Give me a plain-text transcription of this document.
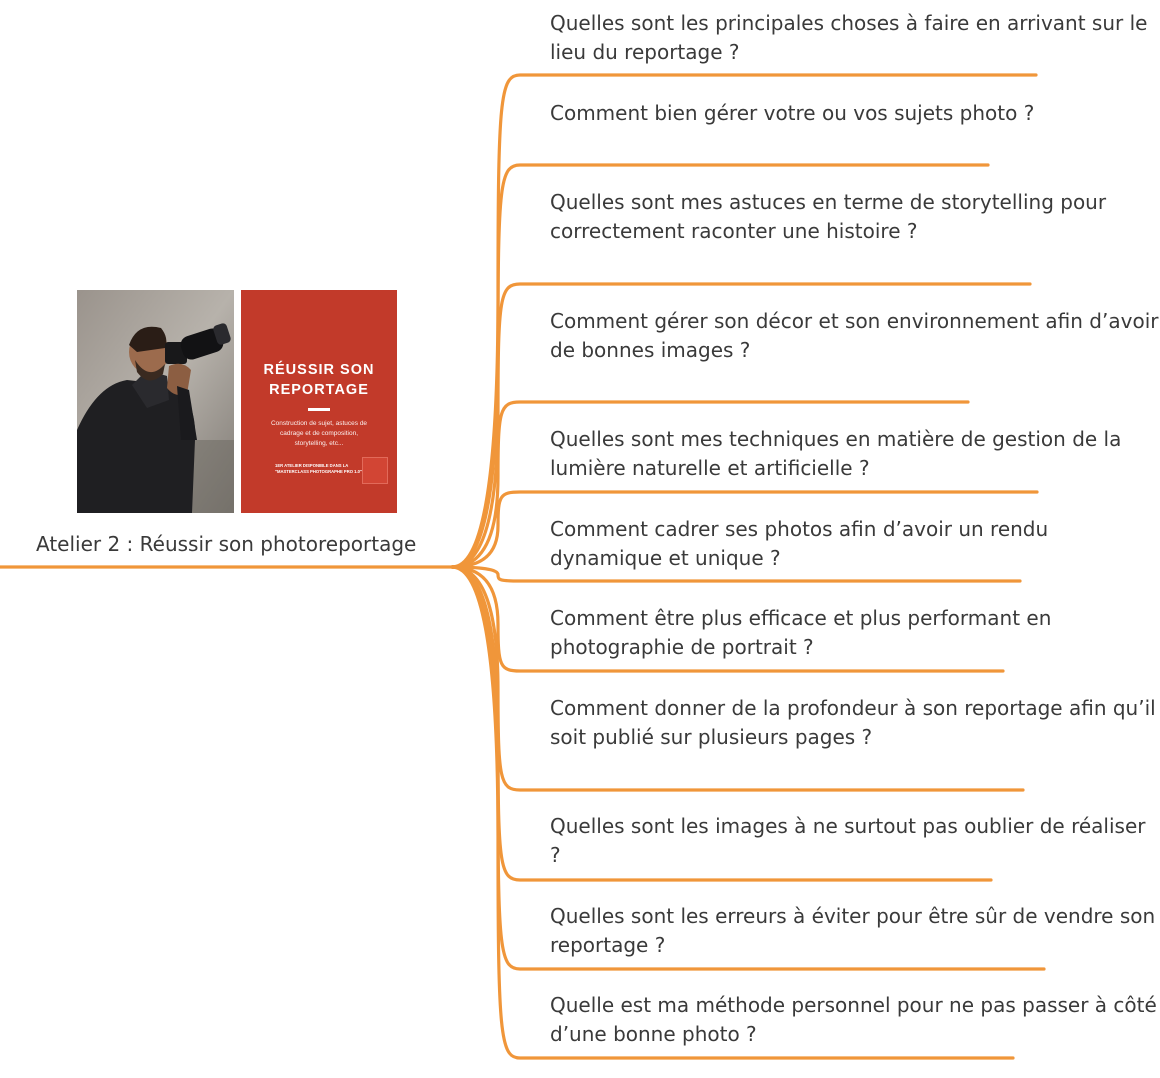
RÉUSSIR SON REPORTAGE
Construction de sujet, astuces de cadrage et de composition, storytelling, etc...
1ER ATELIER DISPONIBLE DANS LA "MASTERCLASS PHOTOGRAPHE PRO 1.0"

Atelier 2 : Réussir son photoreportage

Quelles sont les principales choses à faire en arrivant sur le lieu du reportage ?

Comment bien gérer votre ou vos sujets photo ?

Quelles sont mes astuces en terme de storytelling pour correctement raconter une histoire ?

Comment gérer son décor et son environnement afin d’avoir de bonnes images ?

Quelles sont mes techniques en matière de gestion de la lumière naturelle et artificielle ?

Comment cadrer ses photos afin d’avoir un rendu dynamique et unique ?

Comment être plus efficace et plus performant en photographie de portrait ?

Comment donner de la profondeur à son reportage afin qu’il soit publié sur plusieurs pages ?

Quelles sont les images à ne surtout pas oublier de réaliser ?

Quelles sont les erreurs à éviter pour être sûr de vendre son reportage ?

Quelle est ma méthode personnel pour ne pas passer à côté d’une bonne photo ?
